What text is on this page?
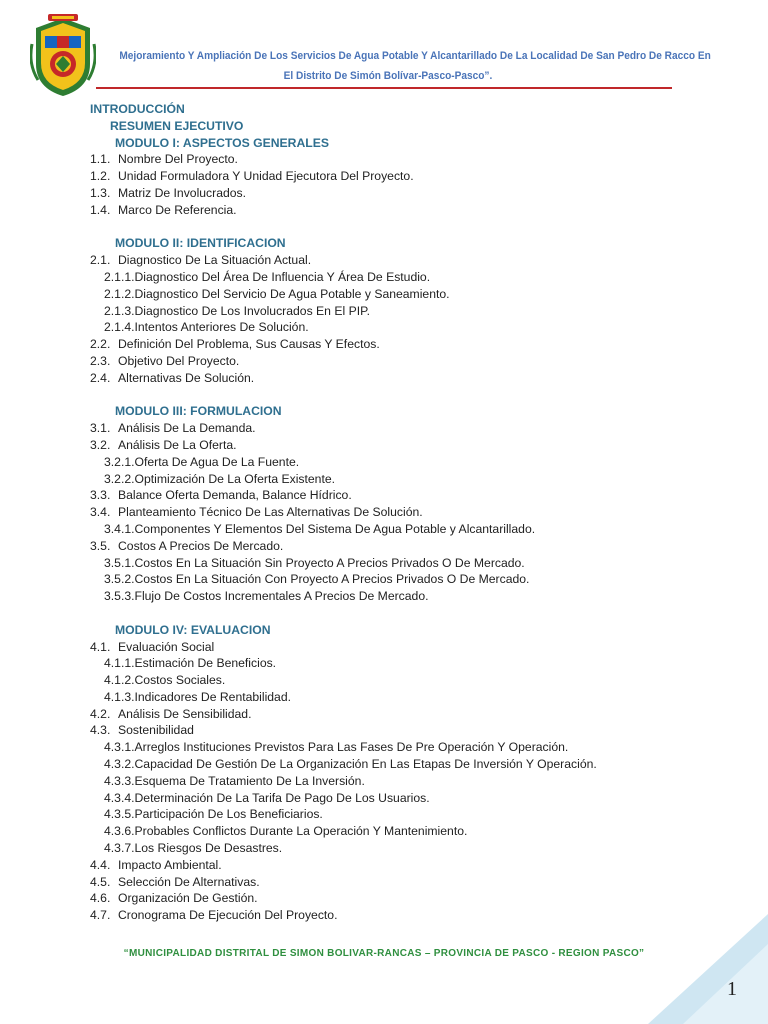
Mejoramiento Y Ampliación De Los Servicios De Agua Potable Y Alcantarillado De La Localidad De San Pedro De Racco En
El Distrito De Simón Bolívar-Pasco-Pasco”.
INTRODUCCIÓN
RESUMEN EJECUTIVO
MODULO I: ASPECTOS GENERALES
1.1. Nombre Del Proyecto.
1.2. Unidad Formuladora Y Unidad Ejecutora Del Proyecto.
1.3. Matriz De Involucrados.
1.4. Marco De Referencia.
MODULO II: IDENTIFICACION
2.1. Diagnostico De La Situación Actual.
2.1.1.Diagnostico Del Área De Influencia Y Área De Estudio.
2.1.2.Diagnostico Del Servicio De Agua Potable y Saneamiento.
2.1.3.Diagnostico De Los Involucrados En El PIP.
2.1.4.Intentos Anteriores De Solución.
2.2. Definición Del Problema, Sus Causas Y Efectos.
2.3. Objetivo Del Proyecto.
2.4. Alternativas De Solución.
MODULO III: FORMULACION
3.1. Análisis De La Demanda.
3.2. Análisis De La Oferta.
3.2.1.Oferta De Agua De La Fuente.
3.2.2.Optimización De La Oferta Existente.
3.3. Balance Oferta Demanda, Balance Hídrico.
3.4. Planteamiento Técnico De Las Alternativas De Solución.
3.4.1.Componentes Y Elementos Del Sistema De Agua Potable y Alcantarillado.
3.5. Costos A Precios De Mercado.
3.5.1.Costos En La Situación Sin Proyecto A Precios Privados O De Mercado.
3.5.2.Costos En La Situación Con Proyecto A Precios Privados O De Mercado.
3.5.3.Flujo De Costos Incrementales A Precios De Mercado.
MODULO IV: EVALUACION
4.1. Evaluación Social
4.1.1.Estimación De Beneficios.
4.1.2.Costos Sociales.
4.1.3.Indicadores De Rentabilidad.
4.2. Análisis De Sensibilidad.
4.3. Sostenibilidad
4.3.1.Arreglos Instituciones Previstos Para Las Fases De Pre Operación Y Operación.
4.3.2.Capacidad De Gestión De La Organización En Las Etapas De Inversión Y Operación.
4.3.3.Esquema De Tratamiento De La Inversión.
4.3.4.Determinación De La Tarifa De Pago De Los Usuarios.
4.3.5.Participación De Los Beneficiarios.
4.3.6.Probables Conflictos Durante La Operación Y Mantenimiento.
4.3.7.Los Riesgos De Desastres.
4.4. Impacto Ambiental.
4.5. Selección De Alternativas.
4.6. Organización De Gestión.
4.7. Cronograma De Ejecución Del Proyecto.
“MUNICIPALIDAD DISTRITAL DE SIMON BOLIVAR-RANCAS – PROVINCIA DE PASCO - REGION PASCO”
1
